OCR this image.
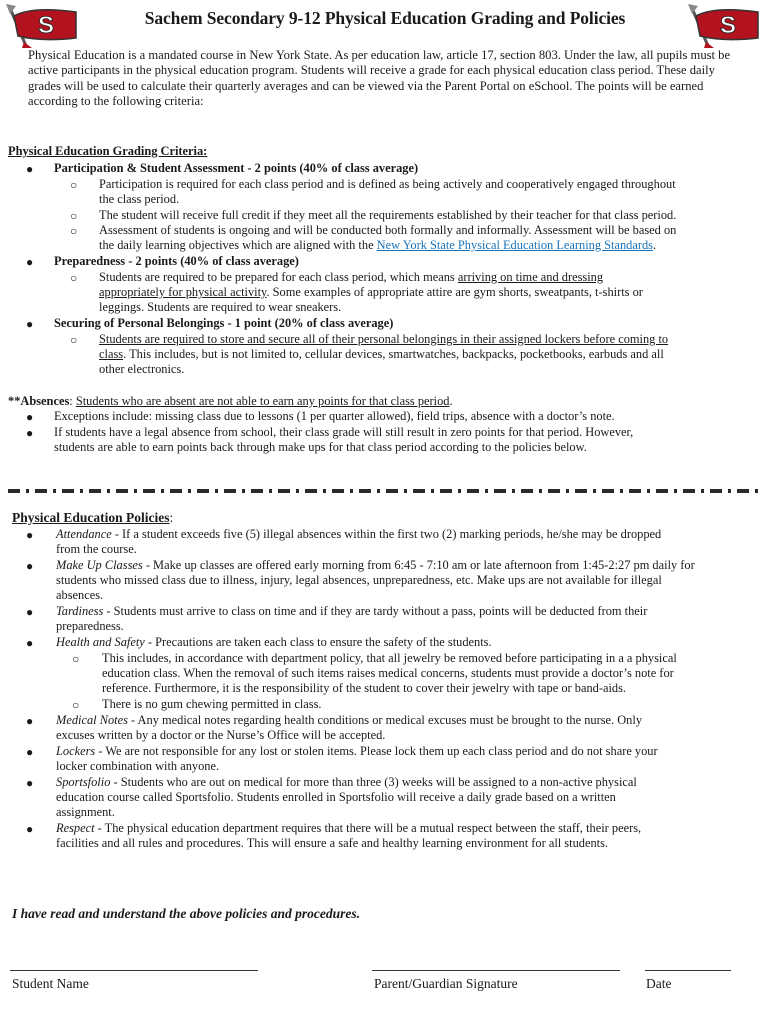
S	S
Sachem Secondary 9-12 Physical Education Grading and Policies
Physical Education is a mandated course in New York State. As per education law, article 17, section 803. Under the law, all pupils must be active participants in the physical education program. Students will receive a grade for each physical education class period. These daily grades will be used to calculate their quarterly averages and can be viewed via the Parent Portal on eSchool. The points will be earned according to the following criteria:
Physical Education Grading Criteria:
● Participation & Student Assessment - 2 points (40% of class average)
○ Participation is required for each class period and is defined as being actively and cooperatively engaged throughout
the class period.
○ The student will receive full credit if they meet all the requirements established by their teacher for that class period.
○ Assessment of students is ongoing and will be conducted both formally and informally. Assessment will be based on
the daily learning objectives which are aligned with the New York State Physical Education Learning Standards.
● Preparedness - 2 points (40% of class average)
○ Students are required to be prepared for each class period, which means arriving on time and dressing
appropriately for physical activity. Some examples of appropriate attire are gym shorts, sweatpants, t-shirts or
leggings. Students are required to wear sneakers.
● Securing of Personal Belongings - 1 point (20% of class average)
○ Students are required to store and secure all of their personal belongings in their assigned lockers before coming to
class. This includes, but is not limited to, cellular devices, smartwatches, backpacks, pocketbooks, earbuds and all
other electronics.
**Absences: Students who are absent are not able to earn any points for that class period.
● Exceptions include: missing class due to lessons (1 per quarter allowed), field trips, absence with a doctor’s note.
● If students have a legal absence from school, their class grade will still result in zero points for that period. However,
students are able to earn points back through make ups for that class period according to the policies below.
Physical Education Policies:
● Attendance - If a student exceeds five (5) illegal absences within the first two (2) marking periods, he/she may be dropped
from the course.
● Make Up Classes - Make up classes are offered early morning from 6:45 - 7:10 am or late afternoon from 1:45-2:27 pm daily for
students who missed class due to illness, injury, legal absences, unpreparedness, etc. Make ups are not available for illegal
absences.
● Tardiness - Students must arrive to class on time and if they are tardy without a pass, points will be deducted from their
preparedness.
● Health and Safety - Precautions are taken each class to ensure the safety of the students.
○ This includes, in accordance with department policy, that all jewelry be removed before participating in a a physical
education class. When the removal of such items raises medical concerns, students must provide a doctor’s note for
reference. Furthermore, it is the responsibility of the student to cover their jewelry with tape or band-aids.
○ There is no gum chewing permitted in class.
● Medical Notes - Any medical notes regarding health conditions or medical excuses must be brought to the nurse. Only
excuses written by a doctor or the Nurse’s Office will be accepted.
● Lockers - We are not responsible for any lost or stolen items. Please lock them up each class period and do not share your
locker combination with anyone.
● Sportsfolio - Students who are out on medical for more than three (3) weeks will be assigned to a non-active physical
education course called Sportsfolio. Students enrolled in Sportsfolio will receive a daily grade based on a written
assignment.
● Respect - The physical education department requires that there will be a mutual respect between the staff, their peers,
facilities and all rules and procedures. This will ensure a safe and healthy learning environment for all students.
I have read and understand the above policies and procedures.
Student Name	Parent/Guardian Signature	Date
